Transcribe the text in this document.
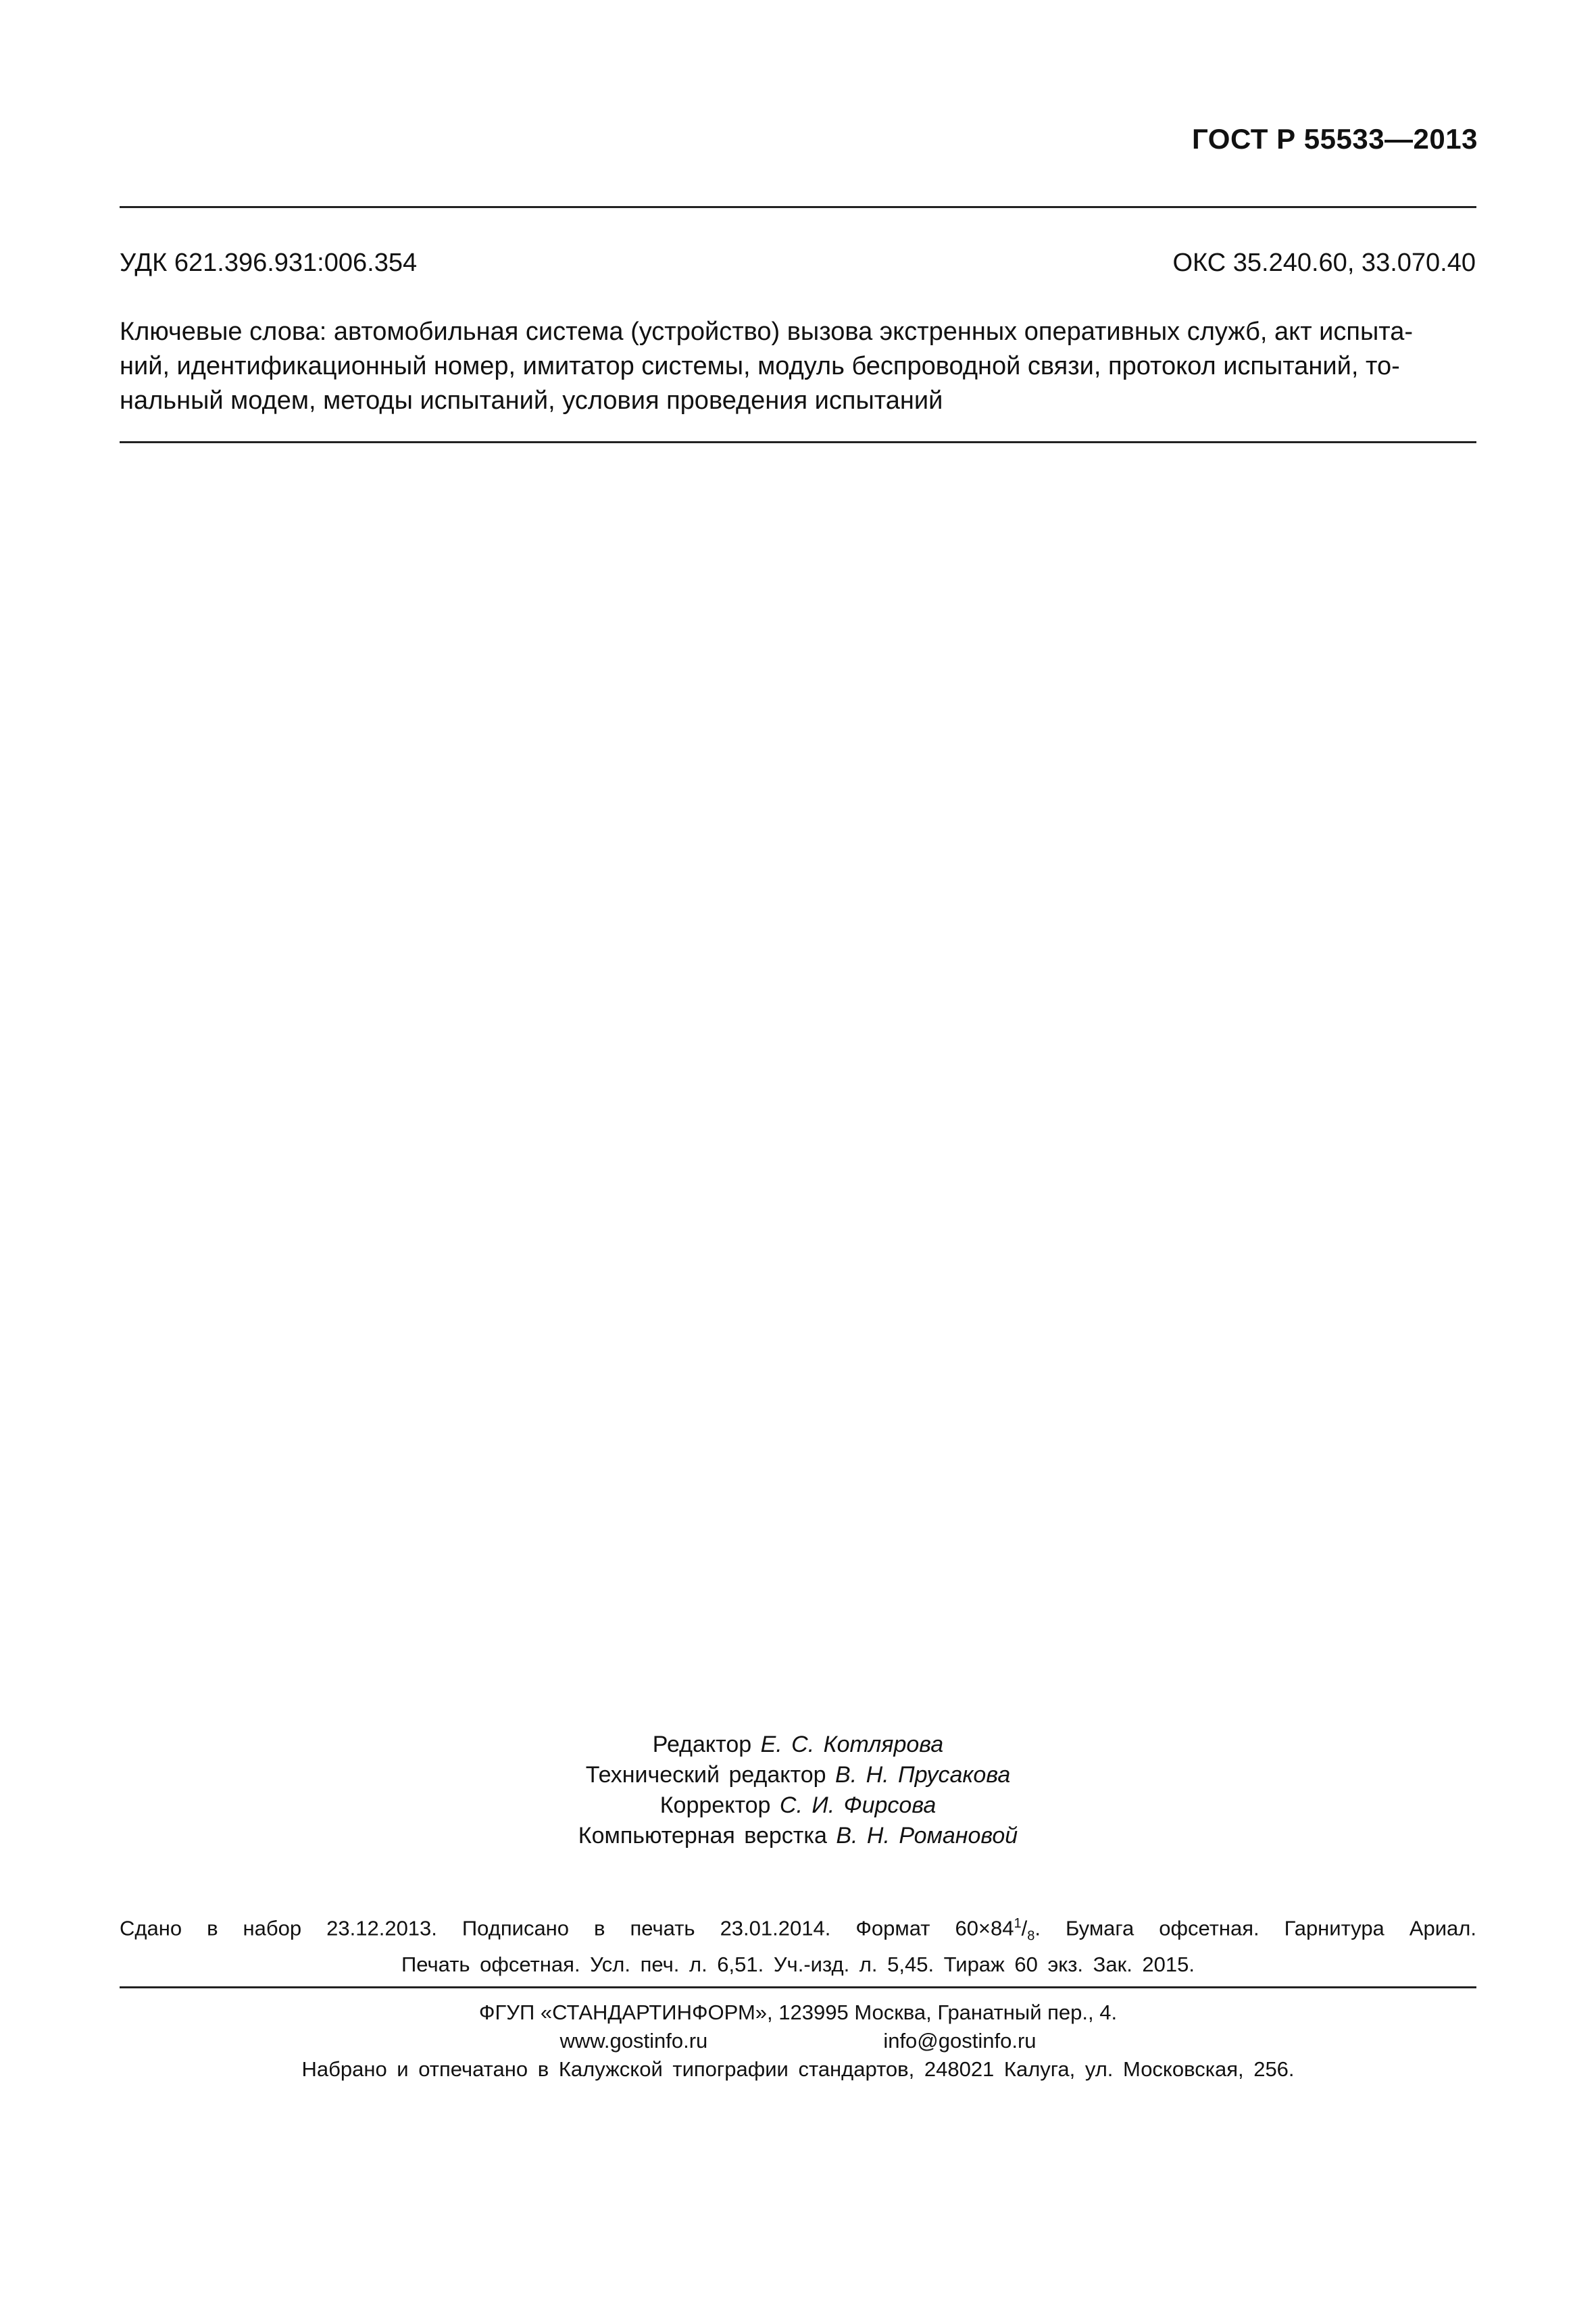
ГОСТ Р 55533—2013
УДК 621.396.931:006.354	ОКС 35.240.60, 33.070.40
Ключевые слова: автомобильная система (устройство) вызова экстренных оперативных служб, акт испыта-
ний, идентификационный номер, имитатор системы, модуль беспроводной связи, протокол испытаний, то-
нальный модем, методы испытаний, условия проведения испытаний
Редактор Е. С. Котлярова
Технический редактор В. Н. Прусакова
Корректор С. И. Фирсова
Компьютерная верстка В. Н. Романовой
Сдано в набор 23.12.2013. Подписано в печать 23.01.2014. Формат $60\times 84^1/_8$. Бумага офсетная. Гарнитура Ариал.
Печать офсетная. Усл. печ. л. 6,51. Уч.-изд. л. 5,45. Тираж 60 экз. Зак. 2015.
ФГУП «СТАНДАРТИНФОРМ», 123995 Москва, Гранатный пер., 4.
www.gostinfo.ru	info@gostinfo.ru
Набрано и отпечатано в Калужской типографии стандартов, 248021 Калуга, ул. Московская, 256.
